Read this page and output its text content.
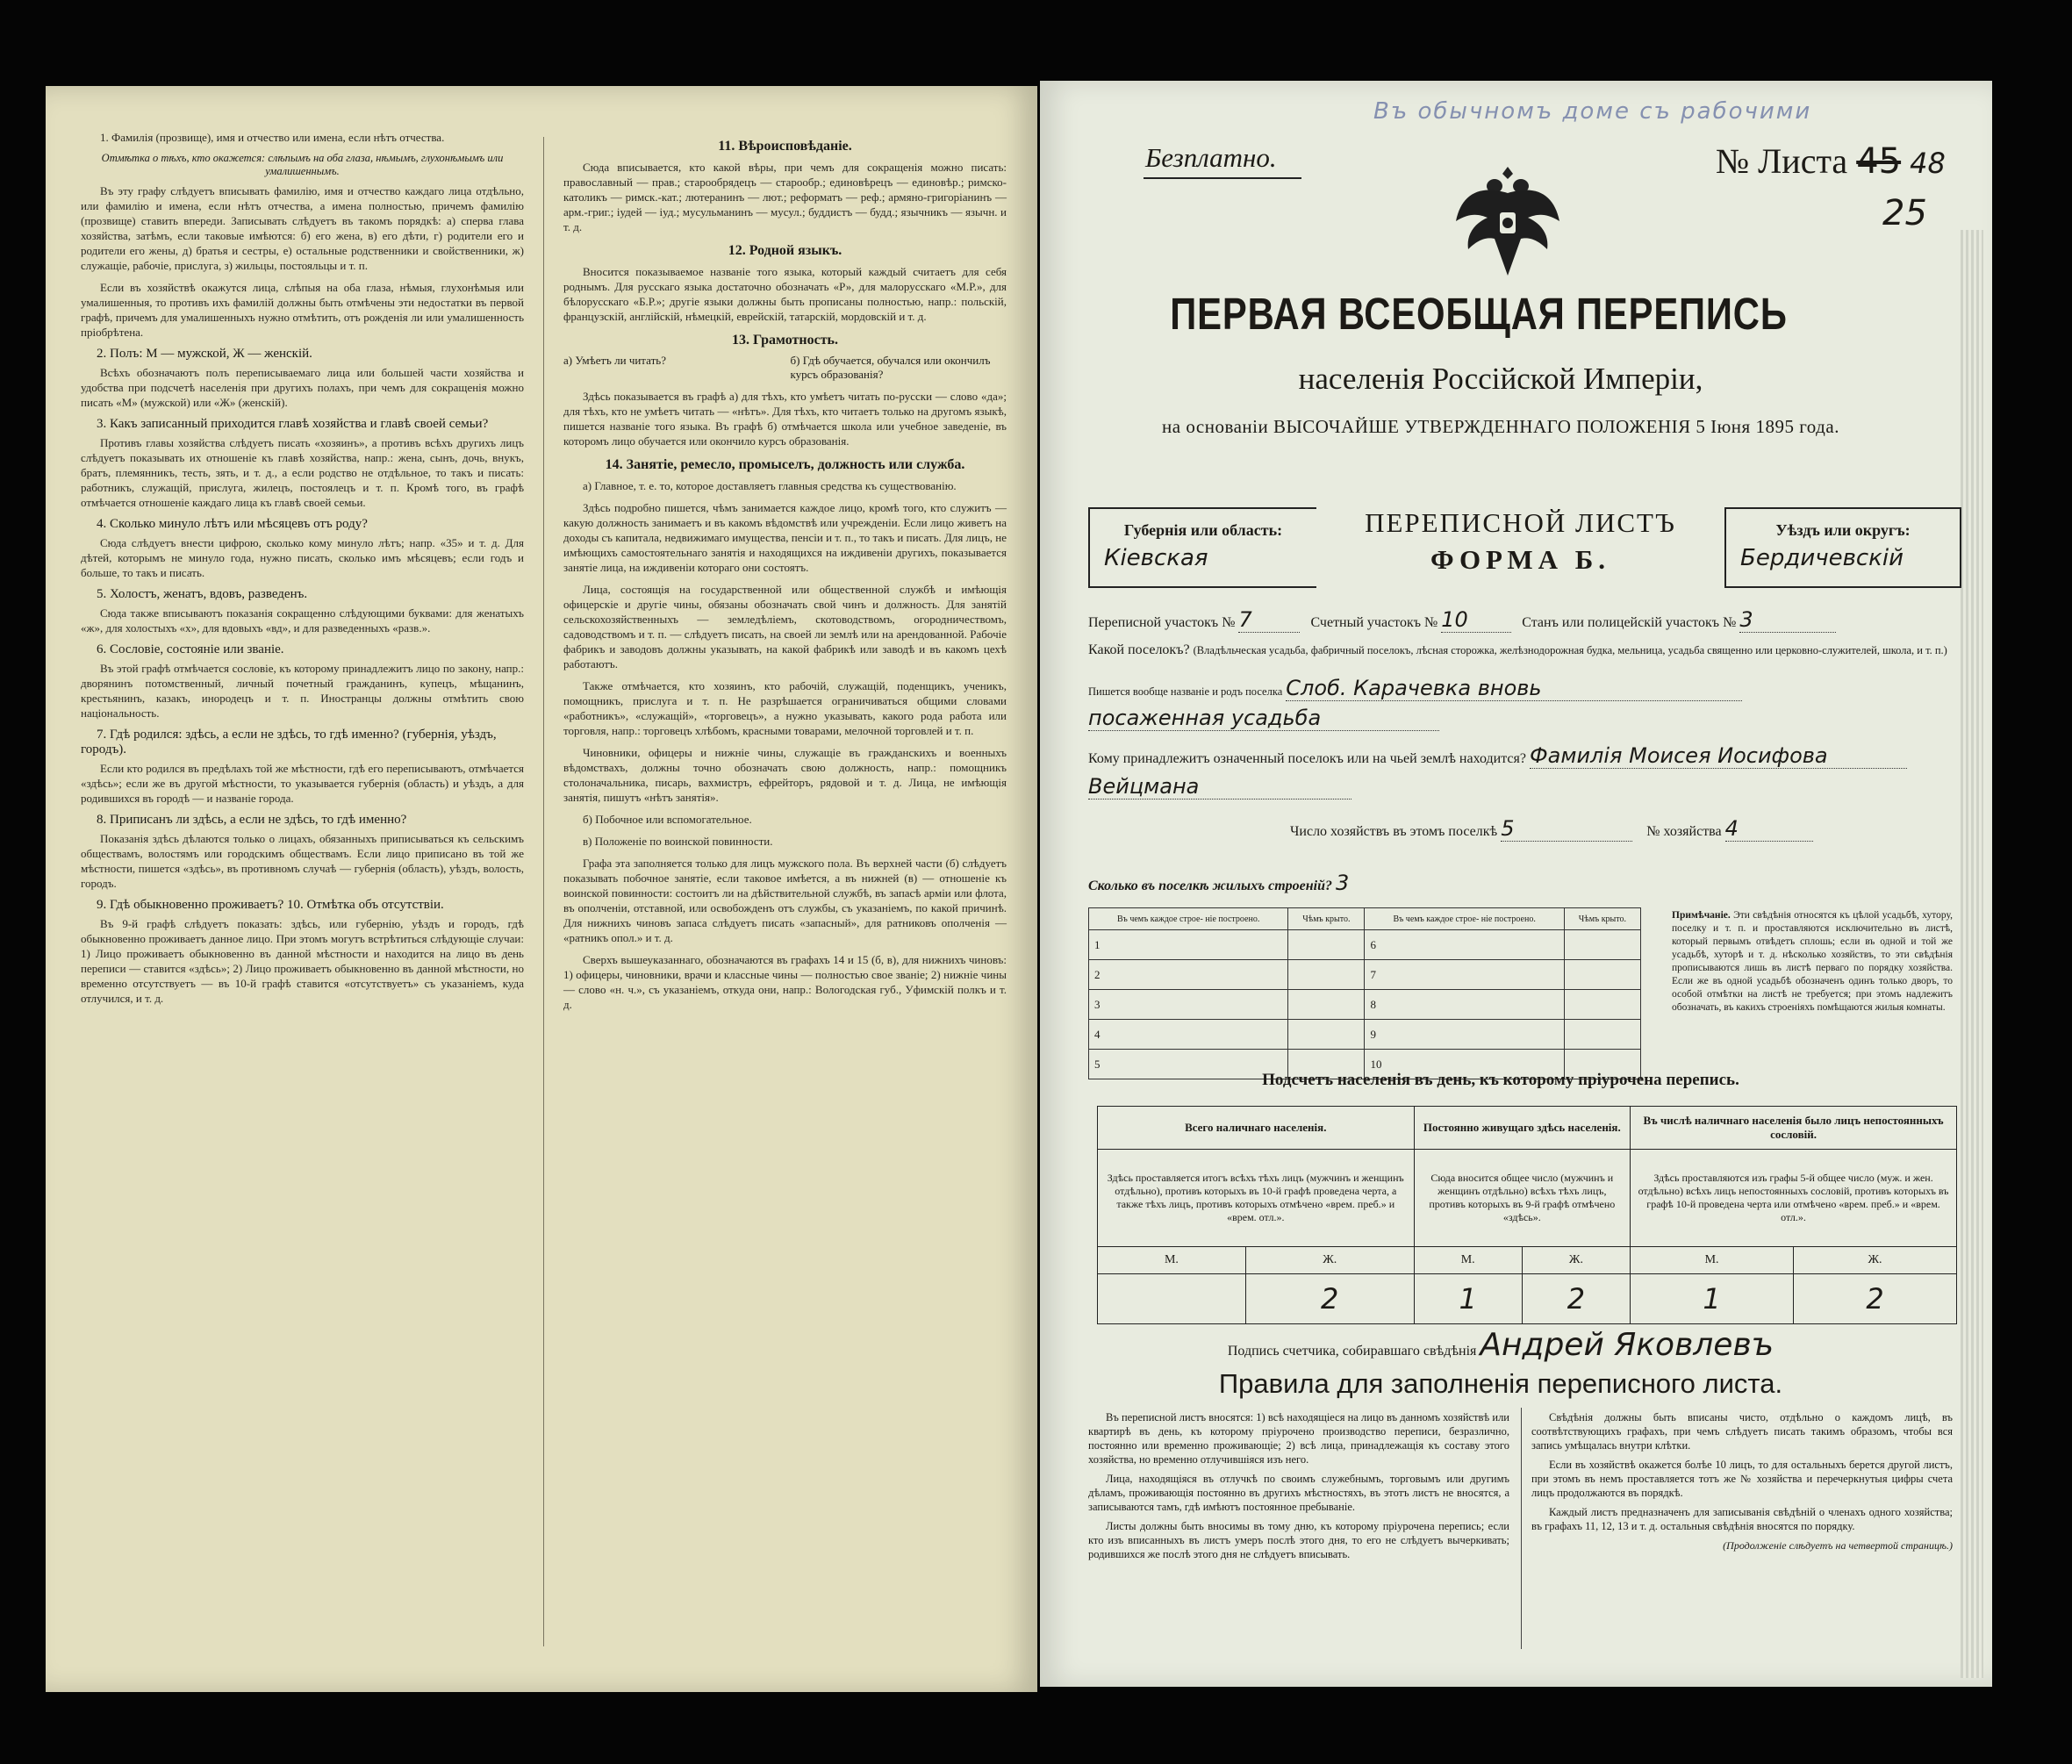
1. Фамилія (прозвище), имя и отчество или имена, если нѣтъ отчества.
Отмѣтка о тѣхъ, кто окажется: слѣпымъ на оба глаза, нѣмымъ, глухонѣмымъ или умалишеннымъ.
Въ эту графу слѣдуетъ вписывать фамилію, имя и отчество каждаго лица отдѣльно, или фамилію и имена, если нѣтъ отчества, а имена полностью, причемъ фамилію (прозвище) ставить впереди. Записывать слѣдуетъ въ такомъ порядкѣ: а) сперва глава хозяйства, затѣмъ, если таковые имѣются: б) его жена, в) его дѣти, г) родители его и родители его жены, д) братья и сестры, е) остальные родственники и свойственники, ж) служащіе, рабочіе, прислуга, з) жильцы, постояльцы и т. п.
Если въ хозяйствѣ окажутся лица, слѣпыя на оба глаза, нѣмыя, глухонѣмыя или умалишенныя, то противъ ихъ фамилій должны быть отмѣчены эти недостатки въ первой графѣ, причемъ для умалишенныхъ нужно отмѣтить, отъ рожденія ли или умалишенность пріобрѣтена.
2. Полъ: М — мужской, Ж — женскій.
Всѣхъ обозначаютъ полъ переписываемаго лица или большей части хозяйства и удобства при подсчетѣ населенія при другихъ полахъ, при чемъ для сокращенія можно писать «М» (мужской) или «Ж» (женскій).
3. Какъ записанный приходится главѣ хозяйства и главѣ своей семьи?
Противъ главы хозяйства слѣдуетъ писать «хозяинъ», а противъ всѣхъ другихъ лицъ слѣдуетъ показывать их отношеніе къ главѣ хозяйства, напр.: жена, сынъ, дочь, внукъ, братъ, племянникъ, тесть, зять, и т. д., а если родство не отдѣльное, то такъ и писать: работникъ, служащій, прислуга, жилецъ, постоялецъ и т. п. Кромѣ того, въ графѣ отмѣчается отношеніе каждаго лица къ главѣ своей семьи.
4. Сколько минуло лѣтъ или мѣсяцевъ отъ роду?
Сюда слѣдуетъ внести цифрою, сколько кому минуло лѣтъ; напр. «35» и т. д. Для дѣтей, которымъ не минуло года, нужно писать, сколько имъ мѣсяцевъ; если годъ и больше, то такъ и писать.
5. Холостъ, женатъ, вдовъ, разведенъ.
Сюда также вписываютъ показанія сокращенно слѣдующими буквами: для женатыхъ «ж», для холостыхъ «х», для вдовыхъ «вд», и для разведенныхъ «разв.».
6. Сословіе, состояніе или званіе.
Въ этой графѣ отмѣчается сословіе, къ которому принадлежитъ лицо по закону, напр.: дворянинъ потомственный, личный почетный гражданинъ, купецъ, мѣщанинъ, крестьянинъ, казакъ, инородецъ и т. п. Иностранцы должны отмѣтить свою національность.
7. Гдѣ родился: здѣсь, а если не здѣсь, то гдѣ именно? (губернія, уѣздъ, городъ).
Если кто родился въ предѣлахъ той же мѣстности, гдѣ его переписываютъ, отмѣчается «здѣсь»; если же въ другой мѣстности, то указывается губернія (область) и уѣздъ, а для родившихся въ городѣ — и названіе города.
8. Приписанъ ли здѣсь, а если не здѣсь, то гдѣ именно?
Показанія здѣсь дѣлаются только о лицахъ, обязанныхъ приписываться къ сельскимъ обществамъ, волостямъ или городскимъ обществамъ. Если лицо приписано въ той же мѣстности, пишется «здѣсь», въ противномъ случаѣ — губернія (область), уѣздъ, волость, городъ.
9. Гдѣ обыкновенно проживаетъ? 10. Отмѣтка объ отсутствіи.
Въ 9-й графѣ слѣдуетъ показать: здѣсь, или губернію, уѣздъ и городъ, гдѣ обыкновенно проживаетъ данное лицо. При этомъ могутъ встрѣтиться слѣдующіе случаи: 1) Лицо проживаетъ обыкновенно въ данной мѣстности и находится на лицо въ день переписи — ставится «здѣсь»; 2) Лицо проживаетъ обыкновенно въ данной мѣстности, но временно отсутствуетъ — въ 10-й графѣ ставится «отсутствуетъ» съ указаніемъ, куда отлучился, и т. д.
11. Вѣроисповѣданіе.
Сюда вписывается, кто какой вѣры, при чемъ для сокращенія можно писать: православный — прав.; старообрядецъ — старообр.; единовѣрецъ — единовѣр.; римско-католикъ — римск.-кат.; лютеранинъ — лют.; реформатъ — реф.; армяно-григоріанинъ — арм.-григ.; іудей — іуд.; мусульманинъ — мусул.; буддистъ — будд.; язычникъ — язычн. и т. д.
12. Родной языкъ.
Вносится показываемое названіе того языка, который каждый считаетъ для себя роднымъ. Для русскаго языка достаточно обозначать «Р», для малорусскаго «М.Р.», для бѣлорусскаго «Б.Р.»; другіе языки должны быть прописаны полностью, напр.: польскій, французскій, англійскій, нѣмецкій, еврейскій, татарскій, мордовскій и т. д.
13. Грамотность.
а) Умѣетъ ли читать?	б) Гдѣ обучается, обучался или окончилъ курсъ образованія?
Здѣсь показывается въ графѣ а) для тѣхъ, кто умѣетъ читать по-русски — слово «да»; для тѣхъ, кто не умѣетъ читать — «нѣтъ». Для тѣхъ, кто читаетъ только на другомъ языкѣ, пишется названіе того языка. Въ графѣ б) отмѣчается школа или учебное заведеніе, въ которомъ лицо обучается или окончило курсъ образованія.
14. Занятіе, ремесло, промыселъ, должность или служба.
а) Главное, т. е. то, которое доставляетъ главныя средства къ существованію.
Здѣсь подробно пишется, чѣмъ занимается каждое лицо, кромѣ того, кто служитъ — какую должность занимаетъ и въ какомъ вѣдомствѣ или учрежденіи. Если лицо живетъ на доходы съ капитала, недвижимаго имущества, пенсіи и т. п., то такъ и писать. Для лицъ, не имѣющихъ самостоятельнаго занятія и находящихся на иждивеніи другихъ, показывается занятіе лица, на иждивеніи котораго они состоятъ.
Лица, состоящія на государственной или общественной службѣ и имѣющія офицерскіе и другіе чины, обязаны обозначать свой чинъ и должность. Для занятій сельскохозяйственныхъ — земледѣліемъ, скотоводствомъ, огородничествомъ, садоводствомъ и т. п. — слѣдуетъ писать, на своей ли землѣ или на арендованной. Рабочіе фабрикъ и заводовъ должны указывать, на какой фабрикѣ или заводѣ и въ какомъ цехѣ работаютъ.
Также отмѣчается, кто хозяинъ, кто рабочій, служащій, поденщикъ, ученикъ, помощникъ, прислуга и т. п. Не разрѣшается ограничиваться общими словами «работникъ», «служащій», «торговецъ», а нужно указывать, какого рода работа или торговля, напр.: торговецъ хлѣбомъ, красными товарами, мелочной торговлей и т. п.
Чиновники, офицеры и нижніе чины, служащіе въ гражданскихъ и военныхъ вѣдомствахъ, должны точно обозначать свою должность, напр.: помощникъ столоначальника, писарь, вахмистръ, ефрейторъ, рядовой и т. д. Лица, не имѣющія занятія, пишутъ «нѣтъ занятія».
б) Побочное или вспомогательное.
в) Положеніе по воинской повинности.
Графа эта заполняется только для лицъ мужского пола. Въ верхней части (б) слѣдуетъ показывать побочное занятіе, если таковое имѣется, а въ нижней (в) — отношеніе къ воинской повинности: состоитъ ли на дѣйствительной службѣ, въ запасѣ арміи или флота, въ ополченіи, отставной, или освобожденъ отъ службы, съ указаніемъ, по какой причинѣ. Для нижнихъ чиновъ запаса слѣдуетъ писать «запасный», для ратниковъ ополченія — «ратникъ опол.» и т. д.
Сверхъ вышеуказаннаго, обозначаются въ графахъ 14 и 15 (б, в), для нижнихъ чиновъ: 1) офицеры, чиновники, врачи и классные чины — полностью свое званіе; 2) нижніе чины — слово «н. ч.», съ указаніемъ, откуда они, напр.: Вологодская губ., Уфимскій полкъ и т. д.
Въ обычномъ доме съ рабочими
Безплатно.	№ Листа 45 48
25
ПЕРВАЯ ВСЕОБЩАЯ ПЕРЕПИСЬ
населенія Россійской Имперіи,
на основаніи ВЫСОЧАЙШЕ УТВЕРЖДЕННАГО ПОЛОЖЕНІЯ 5 Іюня 1895 года.
Губернія или область:
Кіевская
ПЕРЕПИСНОЙ ЛИСТЪ
ФОРМА Б.
Уѣздъ или округъ:
Бердичевскій
Переписной участокъ № 7	Счетный участокъ № 10	Станъ или полицейскій участокъ № 3
Какой поселокъ? (Владѣльческая усадьба, фабричный поселокъ, лѣсная сторожка, желѣзнодорожная будка, мельница, усадьба священно или церковно-служителей, школа, и т. п.)
Пишется вообще названіе и родъ поселка Слоб. Карачевка вновь
посаженная усадьба
Кому принадлежитъ означенный поселокъ или на чьей землѣ находится? Фамилія Моисея Иосифова
Вейцмана
Число хозяйствъ въ этомъ поселкѣ 5	№ хозяйства 4
Сколько въ поселкѣ жилыхъ строеній? 3
Въ чемъ каждое строе- ніе построено.	Чѣмъ крыто.	Въ чемъ каждое строе- ніе построено.	Чѣмъ крыто.
1		6	
2		7	
3		8	
4		9	
5		10	
Примѣчаніе. Эти свѣдѣнія относятся къ цѣлой усадьбѣ, хутору, поселку и т. п. и проставляются исключительно въ листѣ, который первымъ отвѣдетъ сплошь; если въ одной и той же усадьбѣ, хуторѣ и т. д. нѣсколько хозяйствъ, то эти свѣдѣнія прописываются лишь въ листѣ перваго по порядку хозяйства. Если же въ одной усадьбѣ обозначенъ одинъ только дворъ, то особой отмѣтки на листѣ не требуется; при этомъ надлежитъ обозначать, въ какихъ строеніяхъ помѣщаются жилыя комнаты.
Подсчетъ населенія въ день, къ которому пріурочена перепись.
Всего наличнаго населенія.		Постоянно живущаго здѣсь населенія.		Въ числѣ наличнаго населенія было лицъ непостоянныхъ сословій.	
Здѣсь проставляется итогъ всѣхъ тѣхъ лицъ (мужчинъ и женщинъ отдѣльно), противъ которыхъ въ 10-й графѣ проведена черта, а также тѣхъ лицъ, противъ которыхъ отмѣчено «врем. преб.» и «врем. отл.».		Сюда вносится общее число (мужчинъ и женщинъ отдѣльно) всѣхъ тѣхъ лицъ, противъ которыхъ въ 9-й графѣ отмѣчено «здѣсь».		Здѣсь проставляются изъ графы 5-й общее число (муж. и жен. отдѣльно) всѣхъ лицъ непостоянныхъ сословій, противъ которыхъ въ графѣ 10-й проведена черта или отмѣчено «врем. преб.» и «врем. отл.».	
М.	Ж.	М.	Ж.	М.	Ж.
	2	1	2	1	2
Подпись счетчика, собиравшаго свѣдѣнія Андрей Яковлевъ
Правила для заполненія переписного листа.

Въ переписной листъ вносятся: 1) всѣ находящіеся на лицо въ данномъ хозяйствѣ или квартирѣ въ день, къ которому пріурочено производство переписи, безразлично, постоянно или временно проживающіе; 2) всѣ лица, принадлежащія къ составу этого хозяйства, но временно отлучившіяся изъ него.

Лица, находящіяся въ отлучкѣ по своимъ служебнымъ, торговымъ или другимъ дѣламъ, проживающія постоянно въ другихъ мѣстностяхъ, въ этотъ листъ не вносятся, а записываются тамъ, гдѣ имѣютъ постоянное пребываніе.

Листы должны быть вносимы въ тому дню, къ которому пріурочена перепись; если кто изъ вписанныхъ въ листъ умеръ послѣ этого дня, то его не слѣдуетъ вычеркивать; родившихся же послѣ этого дня не слѣдуетъ вписывать.

Свѣдѣнія должны быть вписаны чисто, отдѣльно о каждомъ лицѣ, въ соотвѣтствующихъ графахъ, при чемъ слѣдуетъ писать такимъ образомъ, чтобы вся запись умѣщалась внутри клѣтки.

Если въ хозяйствѣ окажется болѣе 10 лицъ, то для остальныхъ берется другой листъ, при этомъ въ немъ проставляется тотъ же № хозяйства и перечеркнутыя цифры счета лицъ продолжаются въ порядкѣ.

Каждый листъ предназначенъ для записыванія свѣдѣній о членахъ одного хозяйства; въ графахъ 11, 12, 13 и т. д. остальныя свѣдѣнія вносятся по порядку.

(Продолженіе слѣдуетъ на четвертой страницѣ.)
